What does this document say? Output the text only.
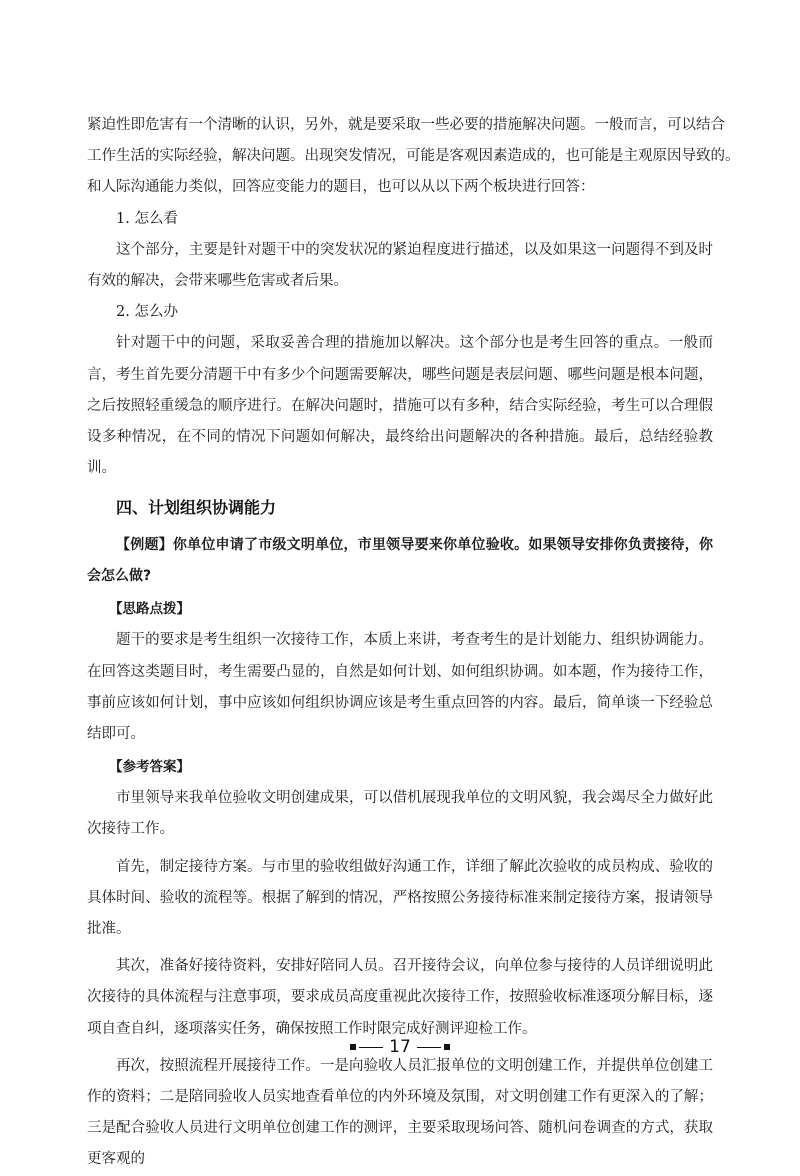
紧迫性即危害有一个清晰的认识，另外，就是要采取一些必要的措施解决问题。一般而言，可以结合

工作生活的实际经验，解决问题。出现突发情况，可能是客观因素造成的，也可能是主观原因导致的。

和人际沟通能力类似，回答应变能力的题目，也可以从以下两个板块进行回答：

1. 怎么看

这个部分，主要是针对题干中的突发状况的紧迫程度进行描述，以及如果这一问题得不到及时有效的解决，会带来哪些危害或者后果。

2. 怎么办

针对题干中的问题，采取妥善合理的措施加以解决。这个部分也是考生回答的重点。一般而言，考生首先要分清题干中有多少个问题需要解决，哪些问题是表层问题、哪些问题是根本问题，之后按照轻重缓急的顺序进行。在解决问题时，措施可以有多种，结合实际经验，考生可以合理假设多种情况，在不同的情况下问题如何解决，最终给出问题解决的各种措施。最后，总结经验教训。

四、计划组织协调能力

【例题】你单位申请了市级文明单位，市里领导要来你单位验收。如果领导安排你负责接待，你会怎么做?

【思路点拨】

题干的要求是考生组织一次接待工作，本质上来讲，考查考生的是计划能力、组织协调能力。在回答这类题目时，考生需要凸显的，自然是如何计划、如何组织协调。如本题，作为接待工作，事前应该如何计划，事中应该如何组织协调应该是考生重点回答的内容。最后，简单谈一下经验总结即可。

【参考答案】

市里领导来我单位验收文明创建成果，可以借机展现我单位的文明风貌，我会竭尽全力做好此次接待工作。

首先，制定接待方案。与市里的验收组做好沟通工作，详细了解此次验收的成员构成、验收的具体时间、验收的流程等。根据了解到的情况，严格按照公务接待标准来制定接待方案，报请领导批准。

其次，准备好接待资料，安排好陪同人员。召开接待会议，向单位参与接待的人员详细说明此次接待的具体流程与注意事项，要求成员高度重视此次接待工作，按照验收标准逐项分解目标，逐项自查自纠，逐项落实任务，确保按照工作时限完成好测评迎检工作。

再次，按照流程开展接待工作。一是向验收人员汇报单位的文明创建工作，并提供单位创建工作的资料；二是陪同验收人员实地查看单位的内外环境及氛围，对文明创建工作有更深入的了解；三是配合验收人员进行文明单位创建工作的测评，主要采取现场问答、随机问卷调查的方式，获取更客观的

17
